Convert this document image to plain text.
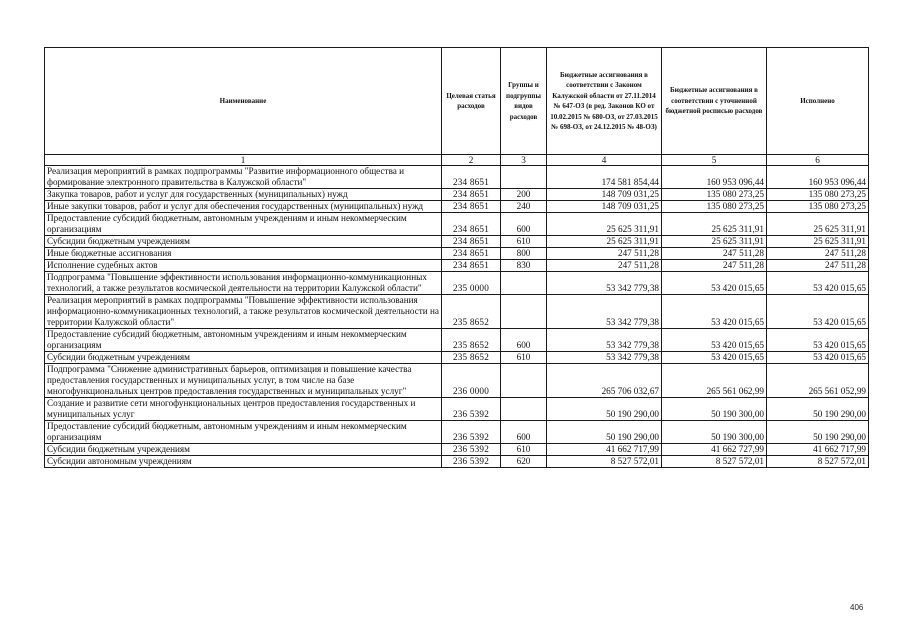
Наименование	Целевая статья расходов	Группы и подгруппы видов расходов	Бюджетные ассигнования в соответствии с Законом Калужской области от 27.11.2014 № 647-ОЗ (в ред. Законов КО от 10.02.2015 № 680-ОЗ, от 27.03.2015 № 698-ОЗ, от 24.12.2015 № 48-ОЗ)	Бюджетные ассигнования в соответствии с уточненной бюджетной росписью расходов	Исполнено
1	2	3	4	5	6
Реализация мероприятий в рамках подпрограммы "Развитие информационного общества и формирование электронного правительства в Калужской области"	234 8651		174 581 854,44	160 953 096,44	160 953 096,44
Закупка товаров, работ и услуг для государственных (муниципальных) нужд	234 8651	200	148 709 031,25	135 080 273,25	135 080 273,25
Иные закупки товаров, работ и услуг для обеспечения государственных (муниципальных) нужд	234 8651	240	148 709 031,25	135 080 273,25	135 080 273,25
Предоставление субсидий бюджетным, автономным учреждениям и иным некоммерческим организациям	234 8651	600	25 625 311,91	25 625 311,91	25 625 311,91
Субсидии бюджетным учреждениям	234 8651	610	25 625 311,91	25 625 311,91	25 625 311,91
Иные бюджетные ассигнования	234 8651	800	247 511,28	247 511,28	247 511,28
Исполнение судебных актов	234 8651	830	247 511,28	247 511,28	247 511,28
Подпрограмма "Повышение эффективности использования информационно-коммуникационных технологий, а также результатов космической деятельности на территории Калужской области"	235 0000		53 342 779,38	53 420 015,65	53 420 015,65
Реализация мероприятий в рамках подпрограммы "Повышение эффективности использования информационно-коммуникационных технологий, а также результатов космической деятельности на территории Калужской области"	235 8652		53 342 779,38	53 420 015,65	53 420 015,65
Предоставление субсидий бюджетным, автономным учреждениям и иным некоммерческим организациям	235 8652	600	53 342 779,38	53 420 015,65	53 420 015,65
Субсидии бюджетным учреждениям	235 8652	610	53 342 779,38	53 420 015,65	53 420 015,65
Подпрограмма "Снижение административных барьеров, оптимизация и повышение качества предоставления государственных и муниципальных услуг, в том числе на базе многофункциональных центров предоставления государственных и муниципальных услуг"	236 0000		265 706 032,67	265 561 062,99	265 561 052,99
Создание и развитие сети многофункциональных центров предоставления государственных и муниципальных услуг	236 5392		50 190 290,00	50 190 300,00	50 190 290,00
Предоставление субсидий бюджетным, автономным учреждениям и иным некоммерческим организациям	236 5392	600	50 190 290,00	50 190 300,00	50 190 290,00
Субсидии бюджетным учреждениям	236 5392	610	41 662 717,99	41 662 727,99	41 662 717,99
Субсидии автономным учреждениям	236 5392	620	8 527 572,01	8 527 572,01	8 527 572,01
406
